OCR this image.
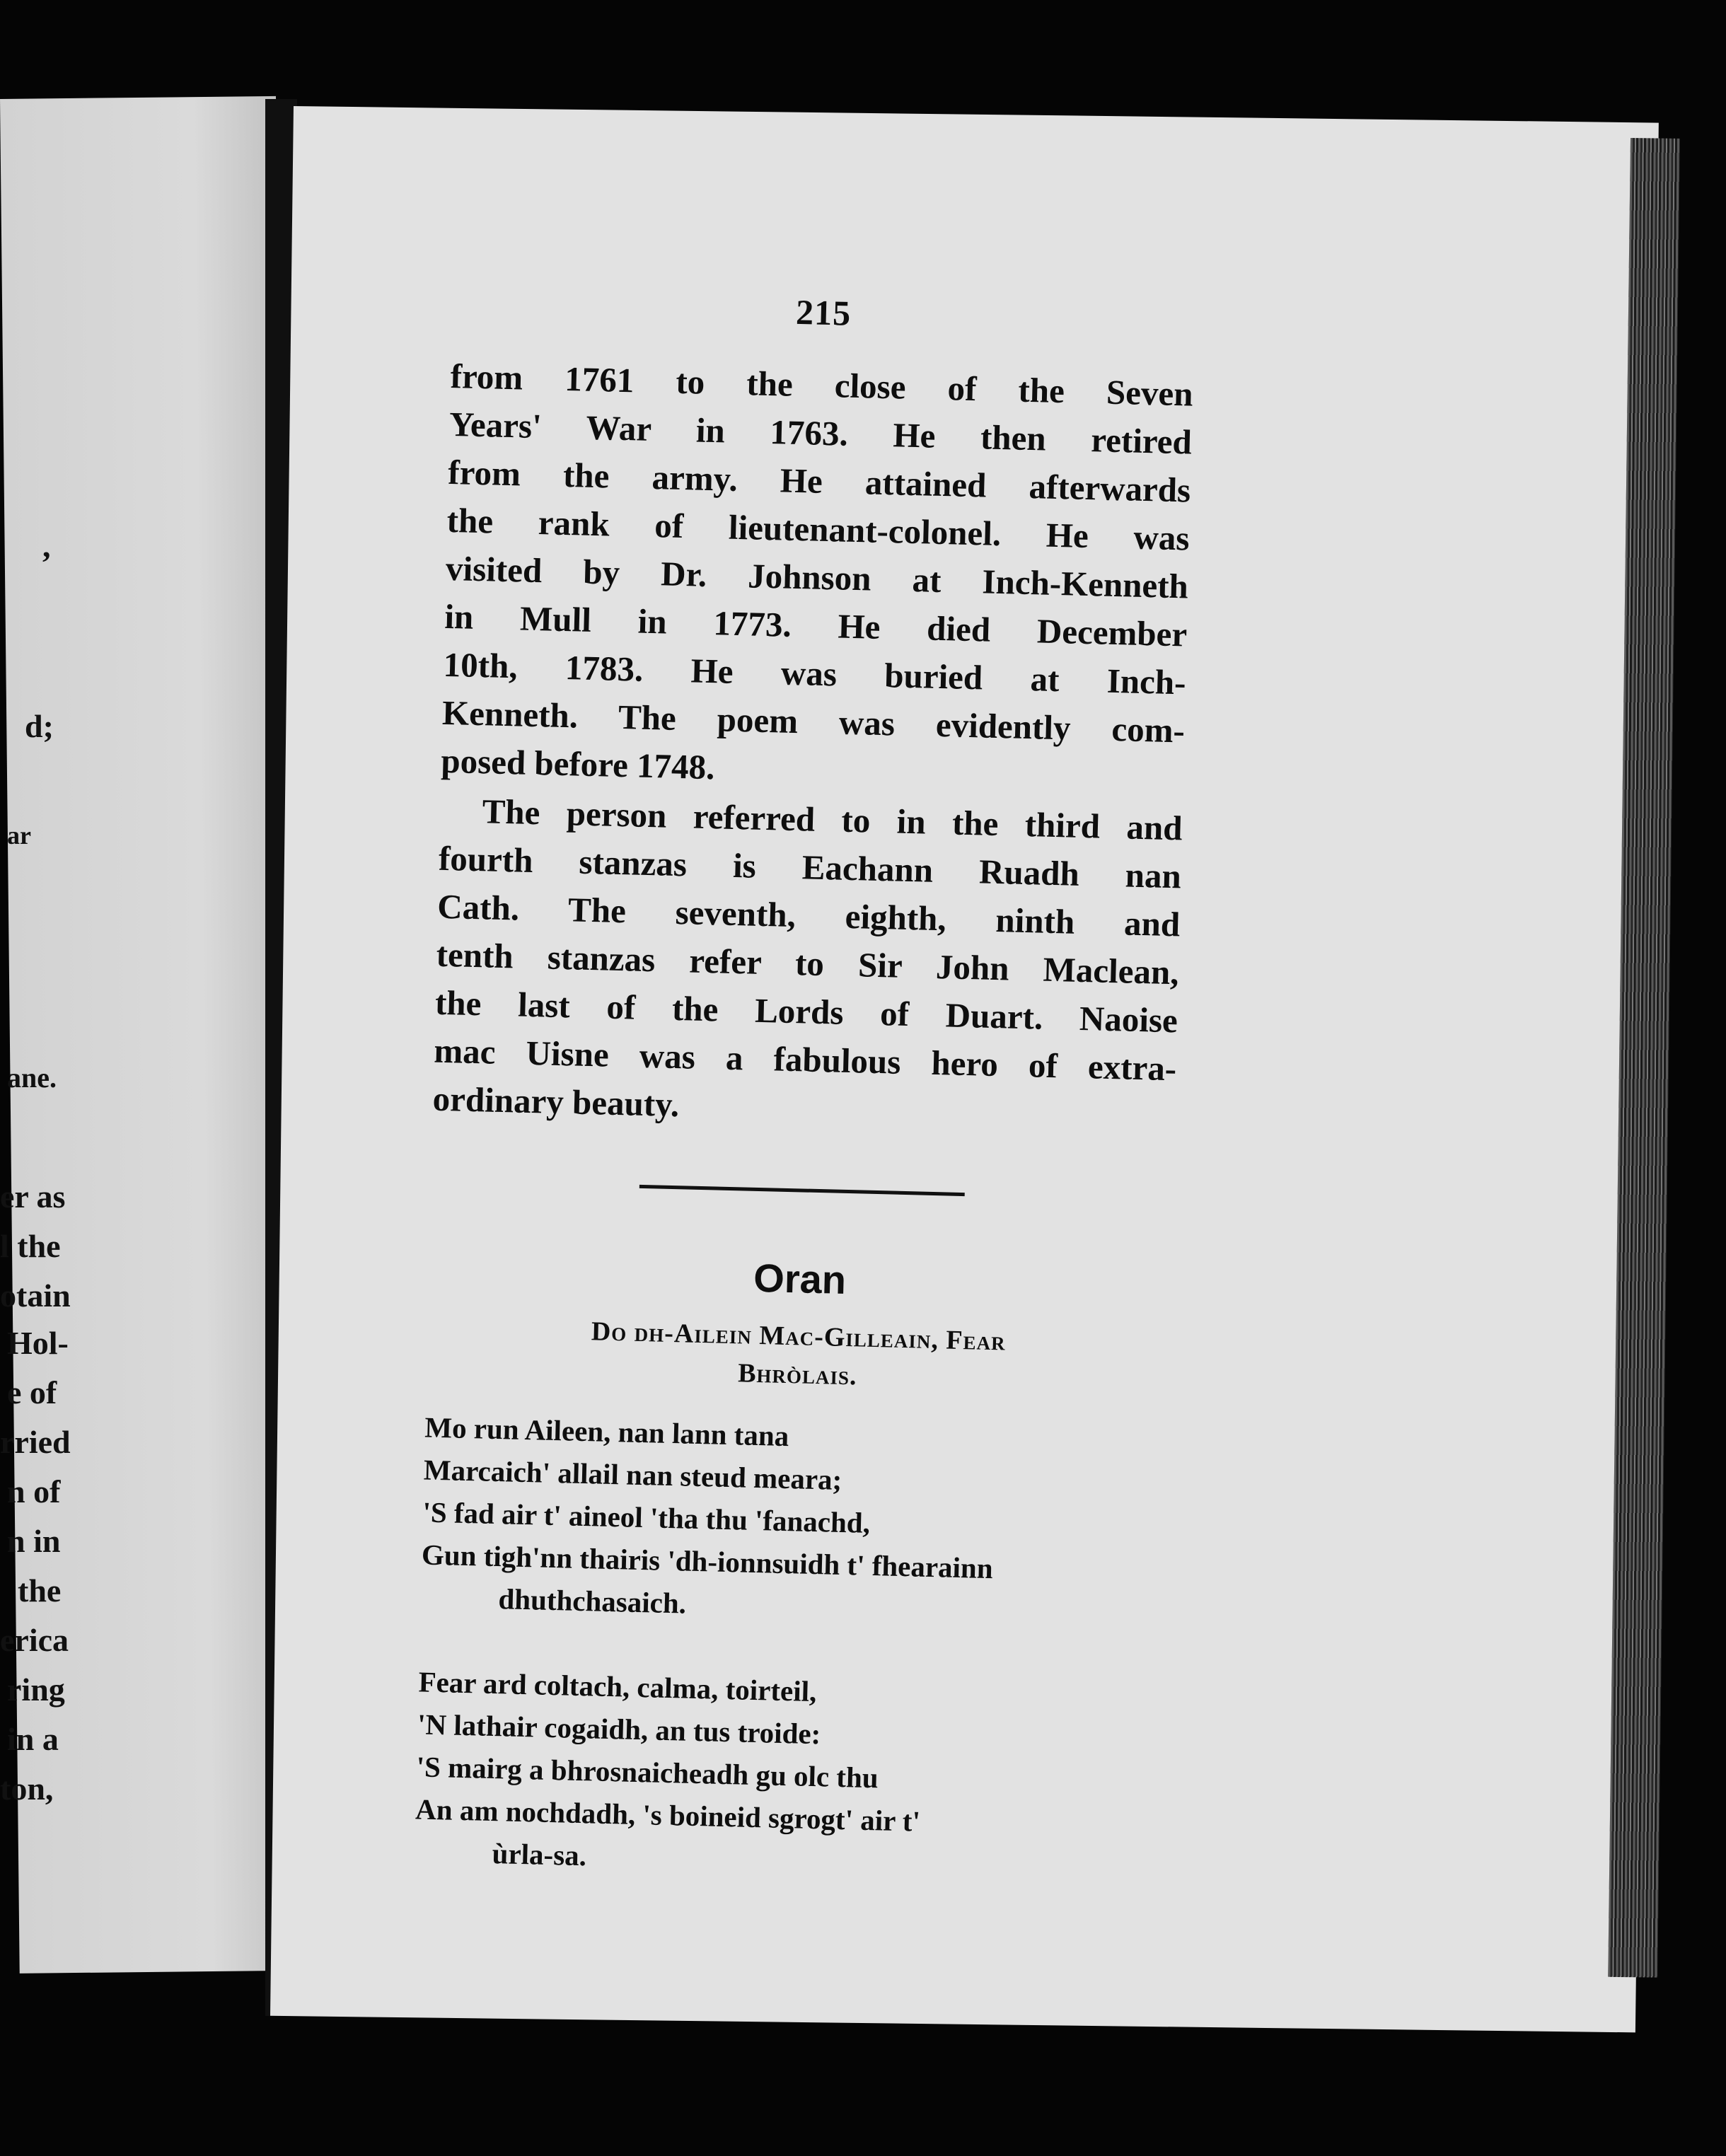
,
d;
ar
ane.
er as
l the
otain
Hol-
e of
rried
n of
n in
the
erica
ring
in a
ton,
215
from 1761 to the close of the Seven
Years' War in 1763. He then retired
from the army. He attained afterwards
the rank of lieutenant-colonel. He was
visited by Dr. Johnson at Inch-Kenneth
in Mull in 1773. He died December
10th, 1783. He was buried at Inch-
Kenneth. The poem was evidently com-
posed before 1748.
The person referred to in the third and
fourth stanzas is Eachann Ruadh nan
Cath. The seventh, eighth, ninth and
tenth stanzas refer to Sir John Maclean,
the last of the Lords of Duart. Naoise
mac Uisne was a fabulous hero of extra-
ordinary beauty.
Oran
Do dh-Ailein Mac-Gilleain, Fear
Bhròlais.
Mo run Aileen, nan lann tana
Marcaich' allail nan steud meara;
'S fad air t' aineol 'tha thu 'fanachd,
Gun tigh'nn thairis 'dh-ionnsuidh t' fhearainn
dhuthchasaich.
Fear ard coltach, calma, toirteil,
'N lathair cogaidh, an tus troide:
'S mairg a bhrosnaicheadh gu olc thu
An am nochdadh, 's boineid sgrogt' air t'
ùrla-sa.
